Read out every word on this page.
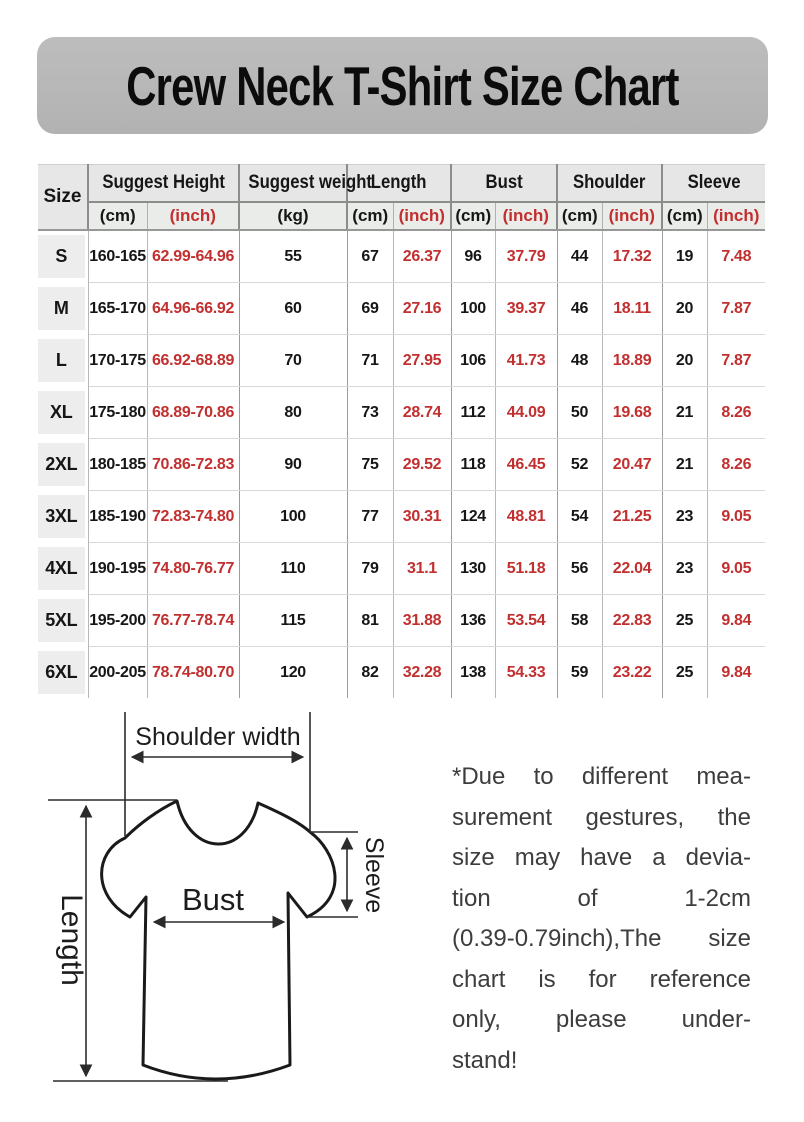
Crew Neck T-Shirt Size Chart
Size	Suggest Height		Suggest weight	Length		Bust		Shoulder		Sleeve	
	(cm)	(inch)	(kg)	(cm)	(inch)	(cm)	(inch)	(cm)	(inch)	(cm)	(inch)

S	160-165	62.99-64.96	55	67	26.37	96	37.79	44	17.32	19	7.48

M	165-170	64.96-66.92	60	69	27.16	100	39.37	46	18.11	20	7.87

L	170-175	66.92-68.89	70	71	27.95	106	41.73	48	18.89	20	7.87

XL	175-180	68.89-70.86	80	73	28.74	112	44.09	50	19.68	21	8.26

2XL	180-185	70.86-72.83	90	75	29.52	118	46.45	52	20.47	21	8.26

3XL	185-190	72.83-74.80	100	77	30.31	124	48.81	54	21.25	23	9.05

4XL	190-195	74.80-76.77	110	79	31.1	130	51.18	56	22.04	23	9.05

5XL	195-200	76.77-78.74	115	81	31.88	136	53.54	58	22.83	25	9.84

6XL	200-205	78.74-80.70	120	82	32.28	138	54.33	59	23.22	25	9.84
Shoulder width
Length	Bust	Sleeve
*Due to different mea-
surement gestures, the
size may have a devia-
tion of 1-2cm
(0.39-0.79inch),The size
chart is for reference
only, please under-
stand!
